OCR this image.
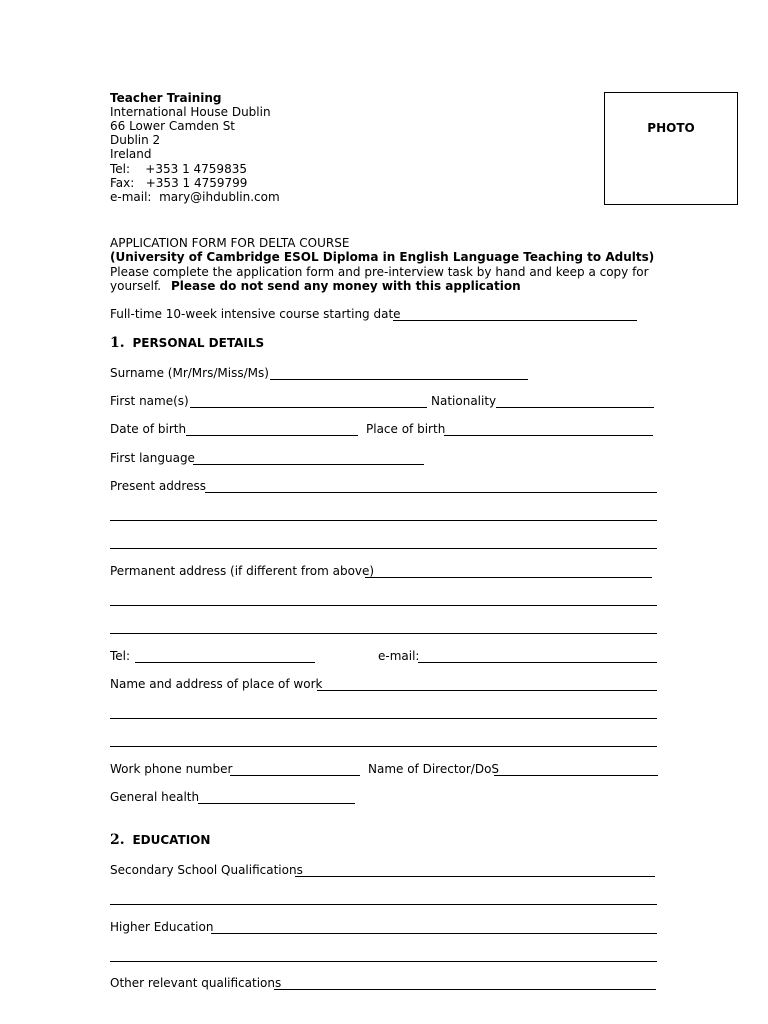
Teacher Training
International House Dublin
66 Lower Camden St
Dublin 2
Ireland
Tel:    +353 1 4759835
Fax:   +353 1 4759799
e-mail:  mary@ihdublin.com
PHOTO
APPLICATION FORM FOR DELTA COURSE
(University of Cambridge ESOL Diploma in English Language Teaching to Adults)
Please complete the application form and pre-interview task by hand and keep a copy for
yourself. Please do not send any money with this application
Full-time 10-week intensive course starting date
1. PERSONAL DETAILS
Surname (Mr/Mrs/Miss/Ms)
First name(s)	Nationality
Date of birth	Place of birth
First language
Present address
Permanent address (if different from above)
Tel:	e-mail:
Name and address of place of work
Work phone number	Name of Director/DoS
General health
2. EDUCATION
Secondary School Qualifications
Higher Education
Other relevant qualifications
